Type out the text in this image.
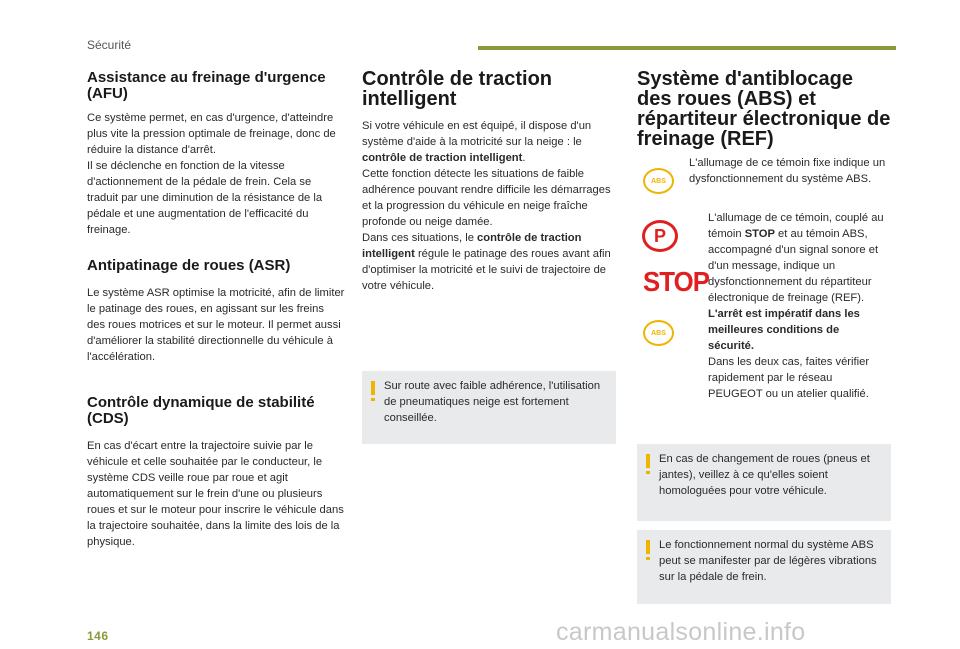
Sécurité
Assistance au freinage d'urgence (AFU)

Ce système permet, en cas d'urgence, d'atteindre plus vite la pression optimale de freinage, donc de réduire la distance d'arrêt.
Il se déclenche en fonction de la vitesse d'actionnement de la pédale de frein. Cela se traduit par une diminution de la résistance de la pédale et une augmentation de l'efficacité du freinage.

Antipatinage de roues (ASR)

Le système ASR optimise la motricité, afin de limiter le patinage des roues, en agissant sur les freins des roues motrices et sur le moteur. Il permet aussi d'améliorer la stabilité directionnelle du véhicule à l'accélération.

Contrôle dynamique de stabilité (CDS)

En cas d'écart entre la trajectoire suivie par le véhicule et celle souhaitée par le conducteur, le système CDS veille roue par roue et agit automatiquement sur le frein d'une ou plusieurs roues et sur le moteur pour inscrire le véhicule dans la trajectoire souhaitée, dans la limite des lois de la physique.

Contrôle de traction intelligent

Si votre véhicule en est équipé, il dispose d'un système d'aide à la motricité sur la neige : le contrôle de traction intelligent.

Cette fonction détecte les situations de faible adhérence pouvant rendre difficile les démarrages et la progression du véhicule en neige fraîche profonde ou neige damée.

Dans ces situations, le contrôle de traction intelligent régule le patinage des roues avant afin d'optimiser la motricité et le suivi de trajectoire de votre véhicule.

Sur route avec faible adhérence, l'utilisation de pneumatiques neige est fortement conseillée.
Système d'antiblocage des roues (ABS) et répartiteur électronique de freinage (REF)
ABS

L'allumage de ce témoin fixe indique un dysfonctionnement du système ABS.

P
STOP
ABS

L'allumage de ce témoin, couplé au témoin STOP et au témoin ABS, accompagné d'un signal sonore et d'un message, indique un dysfonctionnement du répartiteur électronique de freinage (REF).

L'arrêt est impératif dans les meilleures conditions de sécurité.

Dans les deux cas, faites vérifier rapidement par le réseau PEUGEOT ou un atelier qualifié.

En cas de changement de roues (pneus et jantes), veillez à ce qu'elles soient homologuées pour votre véhicule.
Le fonctionnement normal du système ABS peut se manifester par de légères vibrations sur la pédale de frein.
146	carmanualsonline.info
